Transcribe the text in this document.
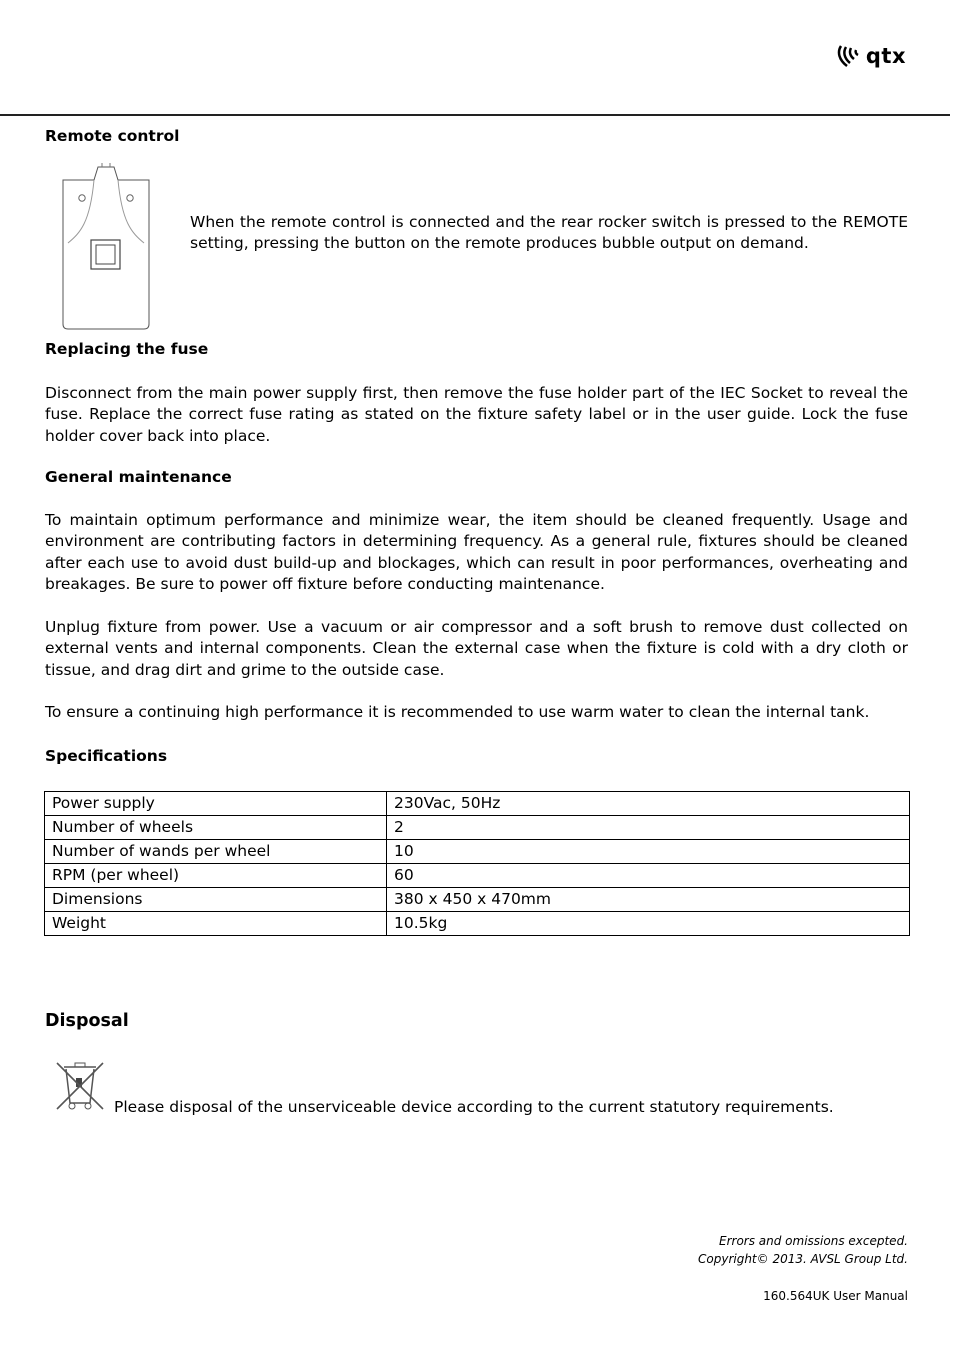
qtx
Remote control
When the remote control is connected and the rear rocker switch is pressed to the REMOTE setting, pressing the button on the remote produces bubble output on demand.
Replacing the fuse
Disconnect from the main power supply first, then remove the fuse holder part of the IEC Socket to reveal the fuse. Replace the correct fuse rating as stated on the fixture safety label or in the user guide. Lock the fuse holder cover back into place.
General maintenance
To maintain optimum performance and minimize wear, the item should be cleaned frequently. Usage and environment are contributing factors in determining frequency. As a general rule, fixtures should be cleaned after each use to avoid dust build-up and blockages, which can result in poor performances, overheating and breakages. Be sure to power off fixture before conducting maintenance.
Unplug fixture from power. Use a vacuum or air compressor and a soft brush to remove dust collected on external vents and internal components. Clean the external case when the fixture is cold with a dry cloth or tissue, and drag dirt and grime to the outside case.
To ensure a continuing high performance it is recommended to use warm water to clean the internal tank.
Specifications
Power supply	230Vac, 50Hz
Number of wheels	2
Number of wands per wheel	10
RPM (per wheel)	60
Dimensions	380 x 450 x 470mm
Weight	10.5kg
Disposal
Please disposal of the unserviceable device according to the current statutory requirements.
Errors and omissions excepted.
Copyright© 2013. AVSL Group Ltd.
160.564UK User Manual
